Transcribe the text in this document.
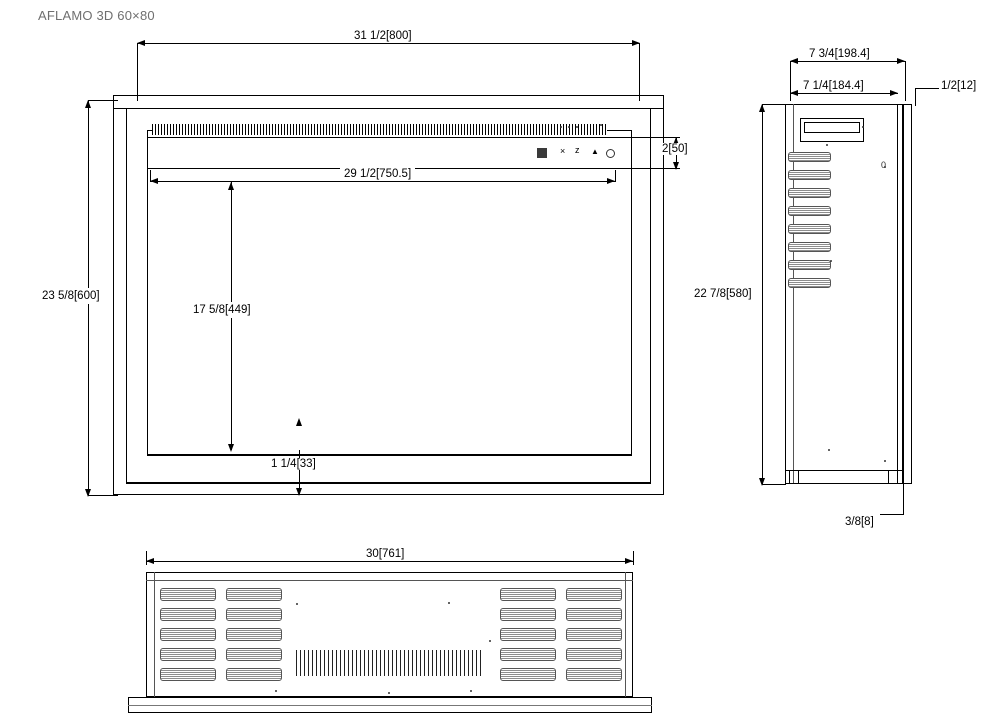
AFLAMO 3D 60×80
31 1/2[800]
× z ▲	2[50]
29 1/2[750.5]
23 5/8[600]
17 5/8[449]
1 1/4[33]
7 3/4[198.4]
7 1/4[184.4]	1/2[12]
0
22 7/8[580]
3/8[8]
30[761]
